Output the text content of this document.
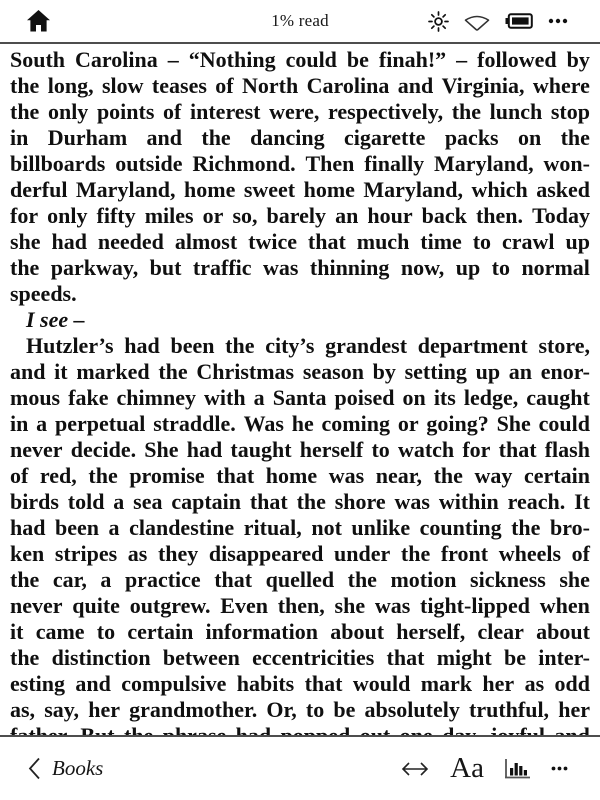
1% read
South Carolina – “Nothing could be finah!” – followed by
the long, slow teases of North Carolina and Virginia, where
the only points of interest were, respectively, the lunch stop
in Durham and the dancing cigarette packs on the
billboards outside Richmond. Then finally Maryland, won-
derful Maryland, home sweet home Maryland, which asked
for only fifty miles or so, barely an hour back then. Today
she had needed almost twice that much time to crawl up
the parkway, but traffic was thinning now, up to normal
speeds.
I see –
Hutzler’s had been the city’s grandest department store,
and it marked the Christmas season by setting up an enor-
mous fake chimney with a Santa poised on its ledge, caught
in a perpetual straddle. Was he coming or going? She could
never decide. She had taught herself to watch for that flash
of red, the promise that home was near, the way certain
birds told a sea captain that the shore was within reach. It
had been a clandestine ritual, not unlike counting the bro-
ken stripes as they disappeared under the front wheels of
the car, a practice that quelled the motion sickness she
never quite outgrew. Even then, she was tight-lipped when
it came to certain information about herself, clear about
the distinction between eccentricities that might be inter-
esting and compulsive habits that would mark her as odd
as, say, her grandmother. Or, to be absolutely truthful, her
Books	Aa
